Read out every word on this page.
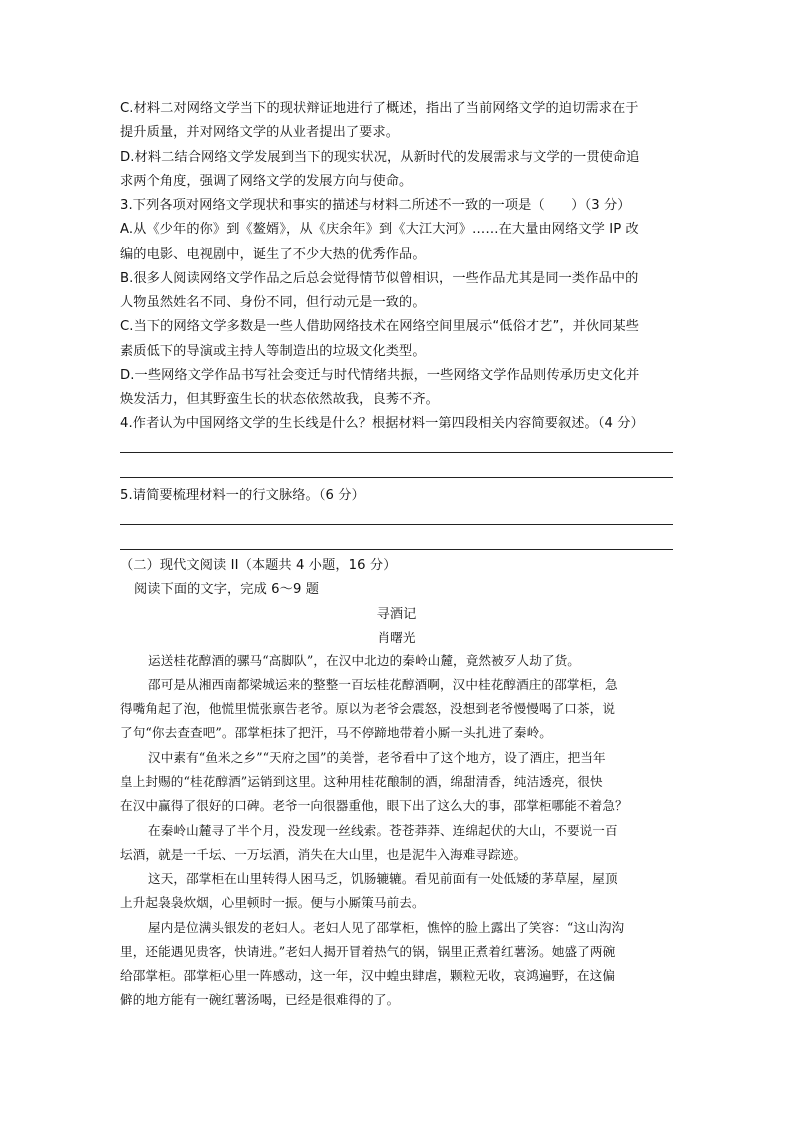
C.材料二对网络文学当下的现状辩证地进行了概述，指出了当前网络文学的迫切需求在于
提升质量，并对网络文学的从业者提出了要求。
D.材料二结合网络文学发展到当下的现实状况，从新时代的发展需求与文学的一贯使命追
求两个角度，强调了网络文学的发展方向与使命。
3.下列各项对网络文学现状和事实的描述与材料二所述不一致的一项是（　　）（3 分）
A.从《少年的你》到《鳌婿》，从《庆余年》到《大江大河》……在大量由网络文学 IP 改
编的电影、电视剧中，诞生了不少大热的优秀作品。
B.很多人阅读网络文学作品之后总会觉得情节似曾相识，一些作品尤其是同一类作品中的
人物虽然姓名不同、身份不同，但行动元是一致的。
C.当下的网络文学多数是一些人借助网络技术在网络空间里展示“低俗才艺”，并伙同某些
素质低下的导演或主持人等制造出的垃圾文化类型。
D.一些网络文学作品书写社会变迁与时代情绪共振，一些网络文学作品则传承历史文化并
焕发活力，但其野蛮生长的状态依然故我，良莠不齐。
4.作者认为中国网络文学的生长线是什么？根据材料一第四段相关内容简要叙述。（4 分）
5.请简要梳理材料一的行文脉络。（6 分）
（二）现代文阅读 II（本题共 4 小题，16 分）
阅读下面的文字，完成 6～9 题
寻酒记
肖曙光
运送桂花醇酒的骡马“高脚队”，在汉中北边的秦岭山麓，竟然被歹人劫了货。
邵可是从湘西南都梁城运来的整整一百坛桂花醇酒啊，汉中桂花醇酒庄的邵掌柜，急
得嘴角起了泡，他慌里慌张禀告老爷。原以为老爷会震怒，没想到老爷慢慢喝了口茶，说
了句“你去查查吧”。邵掌柜抹了把汗，马不停蹄地带着小厮一头扎进了秦岭。
汉中素有“鱼米之乡”“天府之国”的美誉，老爷看中了这个地方，设了酒庄，把当年
皇上封赐的“桂花醇酒”运销到这里。这种用桂花酿制的酒，绵甜清香，纯洁透亮，很快
在汉中赢得了很好的口碑。老爷一向很器重他，眼下出了这么大的事，邵掌柜哪能不着急？
在秦岭山麓寻了半个月，没发现一丝线索。苍苍莽莽、连绵起伏的大山，不要说一百
坛酒，就是一千坛、一万坛酒，消失在大山里，也是泥牛入海难寻踪迹。
这天，邵掌柜在山里转得人困马乏，饥肠辘辘。看见前面有一处低矮的茅草屋，屋顶
上升起袅袅炊烟，心里顿时一振。便与小厮策马前去。
屋内是位满头银发的老妇人。老妇人见了邵掌柜，憔悴的脸上露出了笑容：“这山沟沟
里，还能遇见贵客，快请进。”老妇人揭开冒着热气的锅，锅里正煮着红薯汤。她盛了两碗
给邵掌柜。邵掌柜心里一阵感动，这一年，汉中蝗虫肆虐，颗粒无收，哀鸿遍野，在这偏
僻的地方能有一碗红薯汤喝，已经是很难得的了。
